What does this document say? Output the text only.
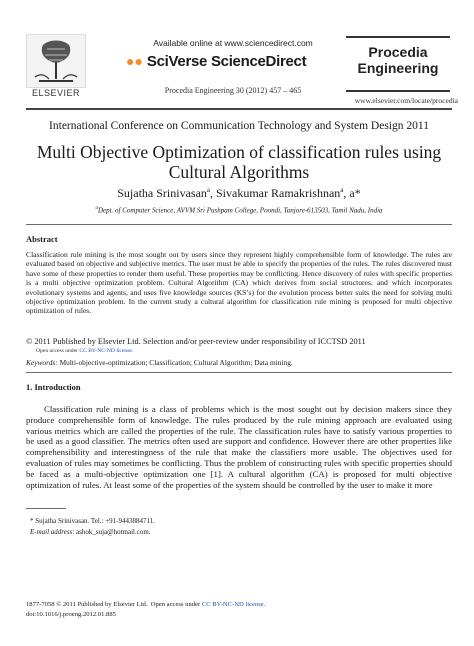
ELSEVIER
Available online at www.sciencedirect.com
●● SciVerse ScienceDirect
Procedia Engineering 30 (2012) 457 – 465
Procedia
Engineering
www.elsevier.com/locate/procedia
International Conference on Communication Technology and System Design 2011
Multi Objective Optimization of classification rules using
Cultural Algorithms
Sujatha Srinivasan$^a$, Sivakumar Ramakrishnan$^a$, a*
$^a$Dept. of Computer Science, AVVM Sri Pushpam College, Poondi, Tanjore-613503, Tamil Nadu, India
Abstract
Classification rule mining is the most sought out by users since they represent highly comprehensible form of knowledge. The rules are evaluated based on objective and subjective metrics. The user must be able to specify the properties of the rules. The rules discovered must have some of these properties to render them useful. These properties may be conflicting. Hence discovery of rules with specific properties is a multi objective optimization problem. Cultural Algorithm (CA) which derives from social structures, and which incorporates evolutionary systems and agents, and uses five knowledge sources (KS’s) for the evolution process better suits the need for solving multi objective optimization problem. In the current study a cultural algorithm for classification rule mining is proposed for multi objective optimization of rules.
© 2011 Published by Elsevier Ltd. Selection and/or peer-review under responsibility of ICCTSD 2011
Open access under CC BY-NC-ND license.
Keywords: Multi-objective-optimization; Classification; Cultural Algorithm; Data mining.
1. Introduction
Classification rule mining is a class of problems which is the most sought out by decision makers since they produce comprehensible form of knowledge. The rules produced by the rule mining approach are evaluated using various metrics which are called the properties of the rule. The classification rules have to satisfy various properties to be used as a good classifier. The metrics often used are support and confidence. However there are other properties like comprehensibility and interestingness of the rule that make the classifiers more usable. The objectives used for evaluation of rules may sometimes be conflicting. Thus the problem of constructing rules with specific properties should be faced as a multi-objective optimization one [1]. A cultural algorithm (CA) is proposed for multi objective optimization of rules. At least some of the properties of the system should be controlled by the user to make it more
* Sujatha Srinivasan. Tel.: +91-9443884711.
E-mail address: ashok_suja@hotmail.com.
1877-7058 © 2011 Published by Elsevier Ltd.  Open access under CC BY-NC-ND license.
doi:10.1016/j.proeng.2012.01.885
